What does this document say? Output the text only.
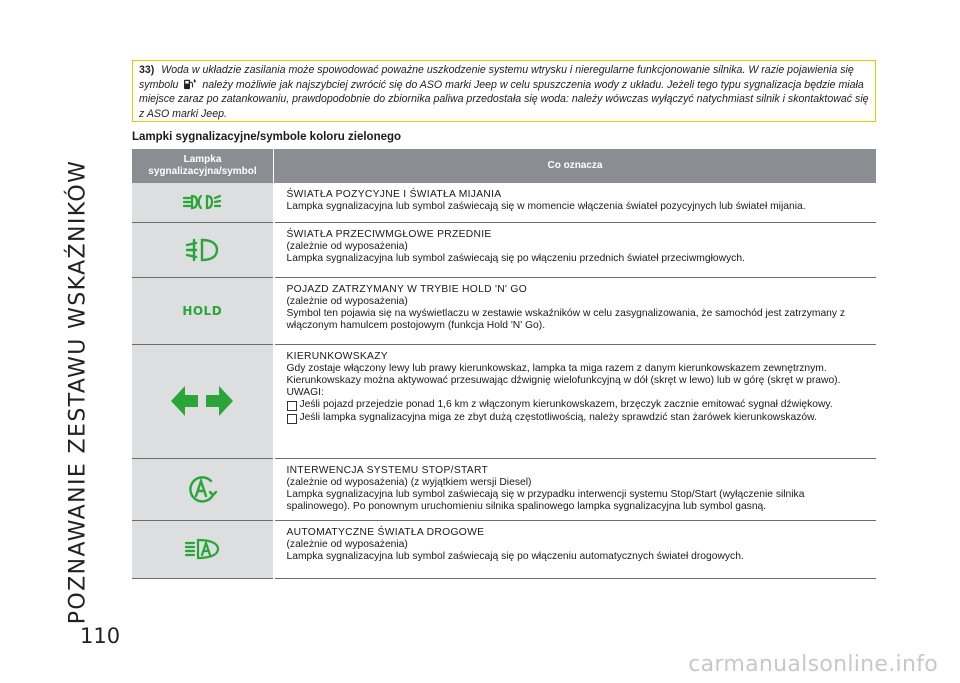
POZNAWANIE ZESTAWU WSKAŹNIKÓW
110
33) Woda w układzie zasilania może spowodować poważne uszkodzenie systemu wtrysku i nieregularne funkcjonowanie silnika. W razie pojawienia się symbolu należy możliwie jak najszybciej zwrócić się do ASO marki Jeep w celu spuszczenia wody z układu. Jeżeli tego typu sygnalizacja będzie miała miejsce zaraz po zatankowaniu, prawdopodobnie do zbiornika paliwa przedostała się woda: należy wówczas wyłączyć natychmiast silnik i skontaktować się z ASO marki Jeep.
Lampki sygnalizacyjne/symbole koloru zielonego
Lampka sygnalizacyjna/symbol	Co oznacza

ŚWIATŁA POZYCYJNE I ŚWIATŁA MIJANIA
Lampka sygnalizacyjna lub symbol zaświecają się w momencie włączenia świateł pozycyjnych lub świateł mijania.

ŚWIATŁA PRZECIWMGŁOWE PRZEDNIE
(zależnie od wyposażenia)
Lampka sygnalizacyjna lub symbol zaświecają się po włączeniu przednich świateł przeciwmgłowych.

HOLD	POJAZD ZATRZYMANY W TRYBIE HOLD 'N' GO
(zależnie od wyposażenia)
Symbol ten pojawia się na wyświetlaczu w zestawie wskaźników w celu zasygnalizowania, że samochód jest zatrzymany z włączonym hamulcem postojowym (funkcja Hold 'N' Go).

KIERUNKOWSKAZY
Gdy zostaje włączony lewy lub prawy kierunkowskaz, lampka ta miga razem z danym kierunkowskazem zewnętrznym. Kierunkowskazy można aktywować przesuwając dźwignię wielofunkcyjną w dół (skręt w lewo) lub w górę (skręt w prawo).
UWAGI:
Jeśli pojazd przejedzie ponad 1,6 km z włączonym kierunkowskazem, brzęczyk zacznie emitować sygnał dźwiękowy.
Jeśli lampka sygnalizacyjna miga ze zbyt dużą częstotliwością, należy sprawdzić stan żarówek kierunkowskazów.

INTERWENCJA SYSTEMU STOP/START
(zależnie od wyposażenia) (z wyjątkiem wersji Diesel)
Lampka sygnalizacyjna lub symbol zaświecają się w przypadku interwencji systemu Stop/Start (wyłączenie silnika spalinowego). Po ponownym uruchomieniu silnika spalinowego lampka sygnalizacyjna lub symbol gasną.

AUTOMATYCZNE ŚWIATŁA DROGOWE
(zależnie od wyposażenia)
Lampka sygnalizacyjna lub symbol zaświecają się po włączeniu automatycznych świateł drogowych.
carmanualsonline.info
